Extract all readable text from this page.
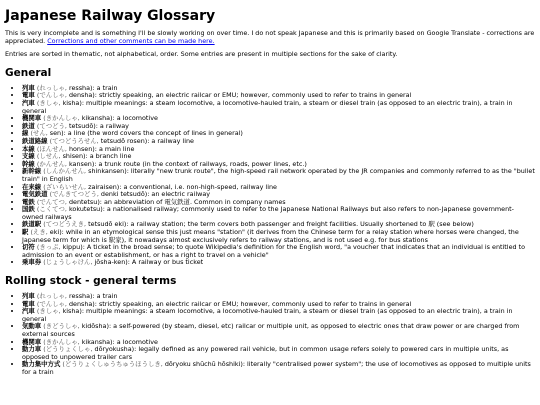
Japanese Railway Glossary

This is very incomplete and is something I'll be slowly working on over time. I do not speak Japanese and this is primarily based on Google Translate - corrections are appreciated. Corrections and other comments can be made here.

Entries are sorted in thematic, not alphabetical, order. Some entries are present in multiple sections for the sake of clarity.

General
• 列車 (れっしゃ, ressha): a train
• 電車 (でんしゃ, densha): strictly speaking, an electric railcar or EMU; however, commonly used to refer to trains in general
• 汽車 (きしゃ, kisha): multiple meanings: a steam locomotive, a locomotive-hauled train, a steam or diesel train (as opposed to an electric train), a train in general
• 機関車 (きかんしゃ, kikansha): a locomotive
• 鉄道 (てつどう, tetsudō): a railway
• 線 (せん, sen): a line (the word covers the concept of lines in general)
• 鉄道路線 (てつどうろせん, tetsudō rosen): a railway line
• 本線 (ほんせん, honsen): a main line
• 支線 (しせん, shisen): a branch line
• 幹線 (かんせん, kansen): a trunk route (in the context of railways, roads, power lines, etc.)
• 新幹線 (しんかんせん, shinkansen): literally "new trunk route", the high-speed rail network operated by the JR companies and commonly referred to as the "bullet train" in English
• 在来線 (ざいらいせん, zairaisen): a conventional, i.e. non-high-speed, railway line
• 電気鉄道 (でんきてつどう, denki tetsudō): an electric railway
• 電鉄 (でんてつ, dentetsu): an abbreviation of 電気鉄道. Common in company names
• 国鉄 (こくてつ, kokutetsu): a nationalised railway; commonly used to refer to the Japanese National Railways but also refers to non-Japanese government-owned railways
• 鉄道駅 (てつどうえき, tetsudō eki): a railway station; the term covers both passenger and freight facilities. Usually shortened to 駅 (see below)
• 駅 (えき, eki): while in an etymological sense this just means "station" (it derives from the Chinese term for a relay station where horses were changed, the Japanese term for which is 駅家), it nowadays almost exclusively refers to railway stations, and is not used e.g. for bus stations
• 切符 (きっぷ, kippu): A ticket in the broad sense; to quote Wikipedia's definition for the English word, "a voucher that indicates that an individual is entitled to admission to an event or establishment, or has a right to travel on a vehicle"
• 乗車券 (じょうしゃけん, jōsha-ken): A railway or bus ticket
Rolling stock - general terms
• 列車 (れっしゃ, ressha): a train
• 電車 (でんしゃ, densha): strictly speaking, an electric railcar or EMU; however, commonly used to refer to trains in general
• 汽車 (きしゃ, kisha): multiple meanings: a steam locomotive, a locomotive-hauled train, a steam or diesel train (as opposed to an electric train), a train in general
• 気動車 (きどうしゃ, kidōsha): a self-powered (by steam, diesel, etc) railcar or multiple unit, as opposed to electric ones that draw power or are charged from external sources
• 機関車 (きかんしゃ, kikansha): a locomotive
• 動力車 (どうりょくしゃ, dōryokusha): legally defined as any powered rail vehicle, but in common usage refers solely to powered cars in multiple units, as opposed to unpowered trailer cars
• 動力集中方式 (どうりょくしゅうちゅうほうしき, dōryoku shūchū hōshiki): literally "centralised power system"; the use of locomotives as opposed to multiple units for a train
